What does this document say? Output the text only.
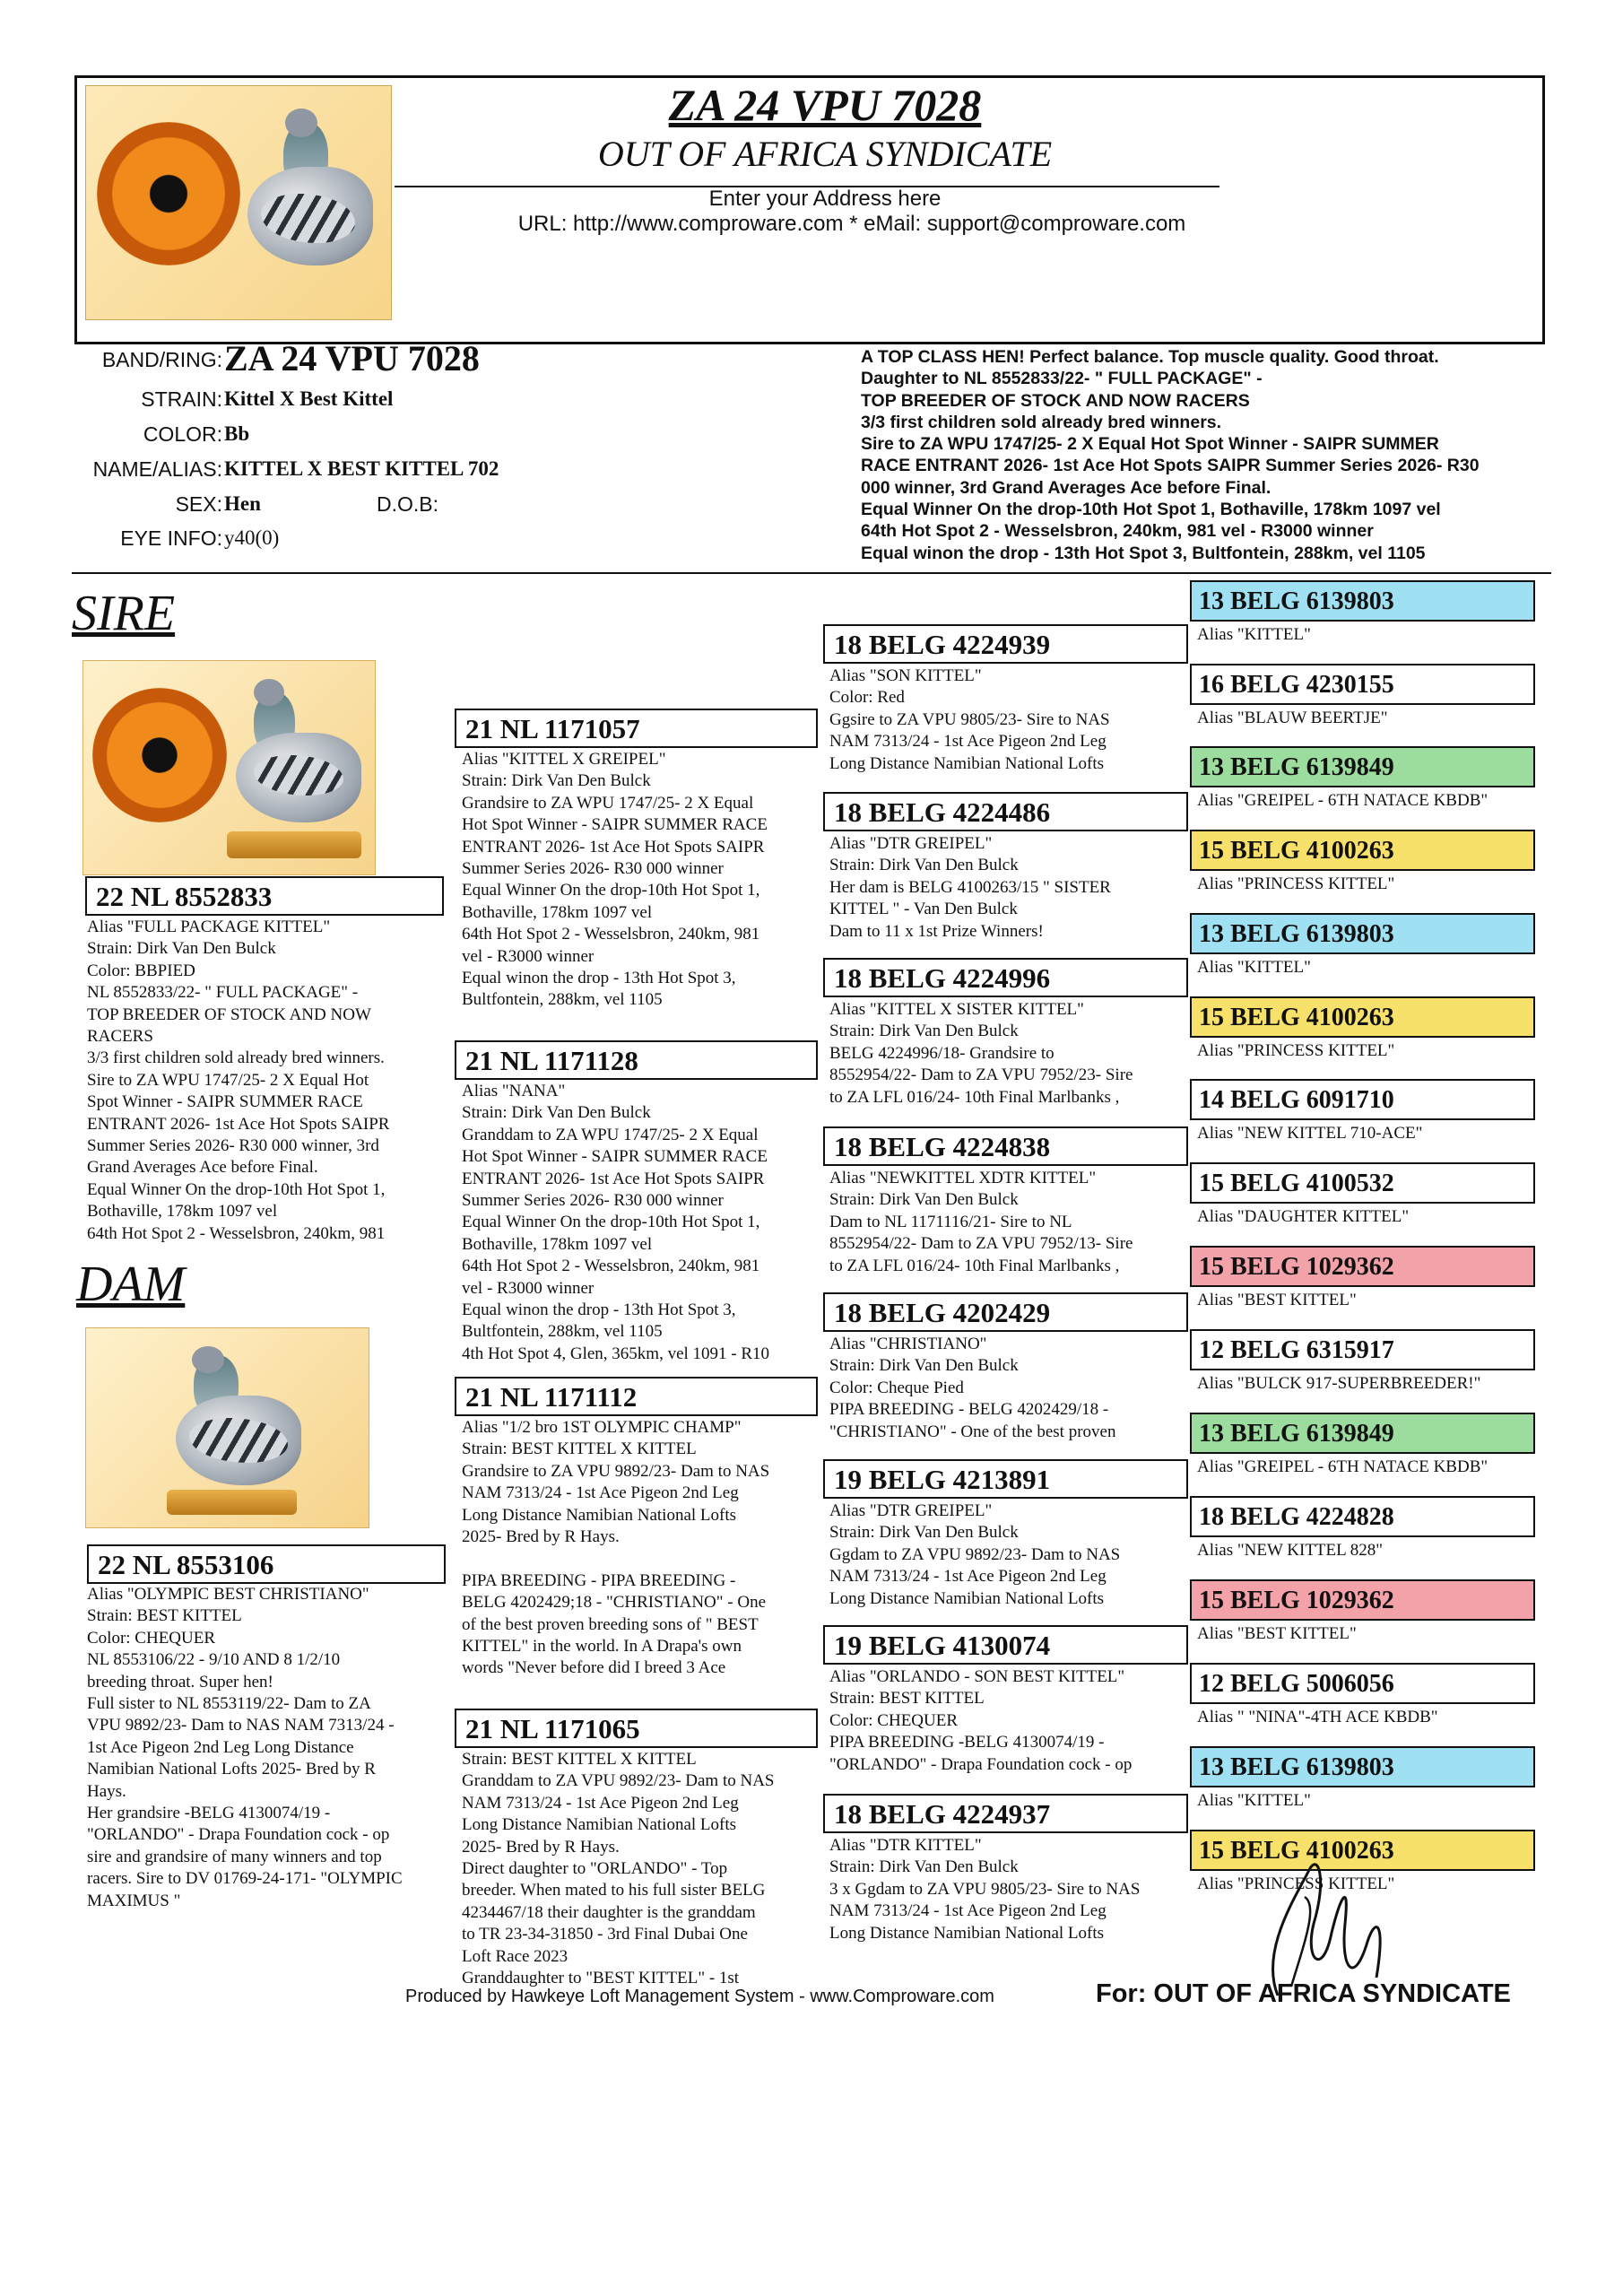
ZA 24 VPU 7028
OUT OF AFRICA SYNDICATE
Enter your Address here
URL: http://www.comproware.com * eMail: support@comproware.com
BAND/RING: ZA 24 VPU 7028
STRAIN: Kittel X Best Kittel
COLOR: Bb
NAME/ALIAS: KITTEL X BEST KITTEL 702
SEX: Hen	D.O.B:
EYE INFO: y40(0)
A TOP CLASS HEN! Perfect balance. Top muscle quality. Good throat.
Daughter to NL 8552833/22- " FULL PACKAGE" -
TOP BREEDER OF STOCK AND NOW RACERS
3/3 first children sold already bred winners.
Sire to ZA WPU 1747/25- 2 X Equal Hot Spot Winner - SAIPR SUMMER
RACE ENTRANT 2026- 1st Ace Hot Spots SAIPR Summer Series 2026- R30
000 winner, 3rd Grand Averages Ace before Final.
Equal Winner On the drop-10th Hot Spot 1, Bothaville, 178km 1097 vel
64th Hot Spot 2 - Wesselsbron, 240km, 981 vel - R3000 winner
Equal winon the drop - 13th Hot Spot 3, Bultfontein, 288km, vel 1105
SIRE
22 NL 8552833
Alias "FULL PACKAGE KITTEL"
Strain: Dirk Van Den Bulck
Color: BBPIED
NL 8552833/22- " FULL PACKAGE" -
TOP BREEDER OF STOCK AND NOW
RACERS
3/3 first children sold already bred winners.
Sire to ZA WPU 1747/25- 2 X Equal Hot
Spot Winner - SAIPR SUMMER RACE
ENTRANT 2026- 1st Ace Hot Spots SAIPR
Summer Series 2026- R30 000 winner, 3rd
Grand Averages Ace before Final.
Equal Winner On the drop-10th Hot Spot 1,
Bothaville, 178km 1097 vel
64th Hot Spot 2 - Wesselsbron, 240km, 981
DAM
22 NL 8553106
Alias "OLYMPIC BEST CHRISTIANO"
Strain: BEST KITTEL
Color: CHEQUER
NL 8553106/22 - 9/10 AND 8 1/2/10
breeding throat. Super hen!
Full sister to NL 8553119/22- Dam to ZA
VPU 9892/23- Dam to NAS NAM 7313/24 -
1st Ace Pigeon 2nd Leg Long Distance
Namibian National Lofts 2025- Bred by R
Hays.
Her grandsire -BELG 4130074/19 -
"ORLANDO" - Drapa Foundation cock - op
sire and grandsire of many winners and top
racers. Sire to DV 01769-24-171- "OLYMPIC
MAXIMUS "
21 NL 1171057
Alias "KITTEL X GREIPEL"
Strain: Dirk Van Den Bulck
Grandsire to ZA WPU 1747/25- 2 X Equal
Hot Spot Winner - SAIPR SUMMER RACE
ENTRANT 2026- 1st Ace Hot Spots SAIPR
Summer Series 2026- R30 000 winner
Equal Winner On the drop-10th Hot Spot 1,
Bothaville, 178km 1097 vel
64th Hot Spot 2 - Wesselsbron, 240km, 981
vel - R3000 winner
Equal winon the drop - 13th Hot Spot 3,
Bultfontein, 288km, vel 1105
21 NL 1171128
Alias "NANA"
Strain: Dirk Van Den Bulck
Granddam to ZA WPU 1747/25- 2 X Equal
Hot Spot Winner - SAIPR SUMMER RACE
ENTRANT 2026- 1st Ace Hot Spots SAIPR
Summer Series 2026- R30 000 winner
Equal Winner On the drop-10th Hot Spot 1,
Bothaville, 178km 1097 vel
64th Hot Spot 2 - Wesselsbron, 240km, 981
vel - R3000 winner
Equal winon the drop - 13th Hot Spot 3,
Bultfontein, 288km, vel 1105
4th Hot Spot 4, Glen, 365km, vel 1091 - R10
21 NL 1171112
Alias "1/2 bro 1ST OLYMPIC CHAMP"
Strain: BEST KITTEL X KITTEL
Grandsire to ZA VPU 9892/23- Dam to NAS
NAM 7313/24 - 1st Ace Pigeon 2nd Leg
Long Distance Namibian National Lofts
2025- Bred by R Hays.

PIPA BREEDING - PIPA BREEDING -
BELG 4202429;18 - "CHRISTIANO" - One
of the best proven breeding sons of " BEST
KITTEL" in the world. In A Drapa's own
words "Never before did I breed 3 Ace
21 NL 1171065
Strain: BEST KITTEL X KITTEL
Granddam to ZA VPU 9892/23- Dam to NAS
NAM 7313/24 - 1st Ace Pigeon 2nd Leg
Long Distance Namibian National Lofts
2025- Bred by R Hays.
Direct daughter to "ORLANDO" - Top
breeder. When mated to his full sister BELG
4234467/18 their daughter is the granddam
to TR 23-34-31850 - 3rd Final Dubai One
Loft Race 2023
Granddaughter to "BEST KITTEL" - 1st
18 BELG 4224939
Alias "SON KITTEL"
Color: Red
Ggsire to ZA VPU 9805/23- Sire to NAS
NAM 7313/24 - 1st Ace Pigeon 2nd Leg
Long Distance Namibian National Lofts
18 BELG 4224486
Alias "DTR GREIPEL"
Strain: Dirk Van Den Bulck
Her dam is BELG 4100263/15 " SISTER
KITTEL " - Van Den Bulck
Dam to 11 x 1st Prize Winners!
18 BELG 4224996
Alias "KITTEL X SISTER KITTEL"
Strain: Dirk Van Den Bulck
BELG 4224996/18- Grandsire to
8552954/22- Dam to ZA VPU 7952/23- Sire
to ZA LFL 016/24- 10th Final Marlbanks ,
18 BELG 4224838
Alias "NEWKITTEL XDTR KITTEL"
Strain: Dirk Van Den Bulck
Dam to NL 1171116/21- Sire to NL
8552954/22- Dam to ZA VPU 7952/13- Sire
to ZA LFL 016/24- 10th Final Marlbanks ,
18 BELG 4202429
Alias "CHRISTIANO"
Strain: Dirk Van Den Bulck
Color: Cheque Pied
PIPA BREEDING - BELG 4202429/18 -
"CHRISTIANO" - One of the best proven
19 BELG 4213891
Alias "DTR GREIPEL"
Strain: Dirk Van Den Bulck
Ggdam to ZA VPU 9892/23- Dam to NAS
NAM 7313/24 - 1st Ace Pigeon 2nd Leg
Long Distance Namibian National Lofts
19 BELG 4130074
Alias "ORLANDO - SON BEST KITTEL"
Strain: BEST KITTEL
Color: CHEQUER
PIPA BREEDING -BELG 4130074/19 -
"ORLANDO" - Drapa Foundation cock - op
18 BELG 4224937
Alias "DTR KITTEL"
Strain: Dirk Van Den Bulck
3 x Ggdam to ZA VPU 9805/23- Sire to NAS
NAM 7313/24 - 1st Ace Pigeon 2nd Leg
Long Distance Namibian National Lofts
13 BELG 6139803
Alias "KITTEL"
16 BELG 4230155
Alias "BLAUW BEERTJE"
13 BELG 6139849
Alias "GREIPEL - 6TH NATACE KBDB"
15 BELG 4100263
Alias "PRINCESS KITTEL"
13 BELG 6139803
Alias "KITTEL"
15 BELG 4100263
Alias "PRINCESS KITTEL"
14 BELG 6091710
Alias "NEW KITTEL 710-ACE"
15 BELG 4100532
Alias "DAUGHTER KITTEL"
15 BELG 1029362
Alias "BEST KITTEL"
12 BELG 6315917
Alias "BULCK 917-SUPERBREEDER!"
13 BELG 6139849
Alias "GREIPEL - 6TH NATACE KBDB"
18 BELG 4224828
Alias "NEW KITTEL 828"
15 BELG 1029362
Alias "BEST KITTEL"
12 BELG 5006056
Alias " "NINA"-4TH ACE KBDB"
13 BELG 6139803
Alias "KITTEL"
15 BELG 4100263
Alias "PRINCESS KITTEL"
Produced by Hawkeye Loft Management System - www.Comproware.com	For: OUT OF AFRICA SYNDICATE
